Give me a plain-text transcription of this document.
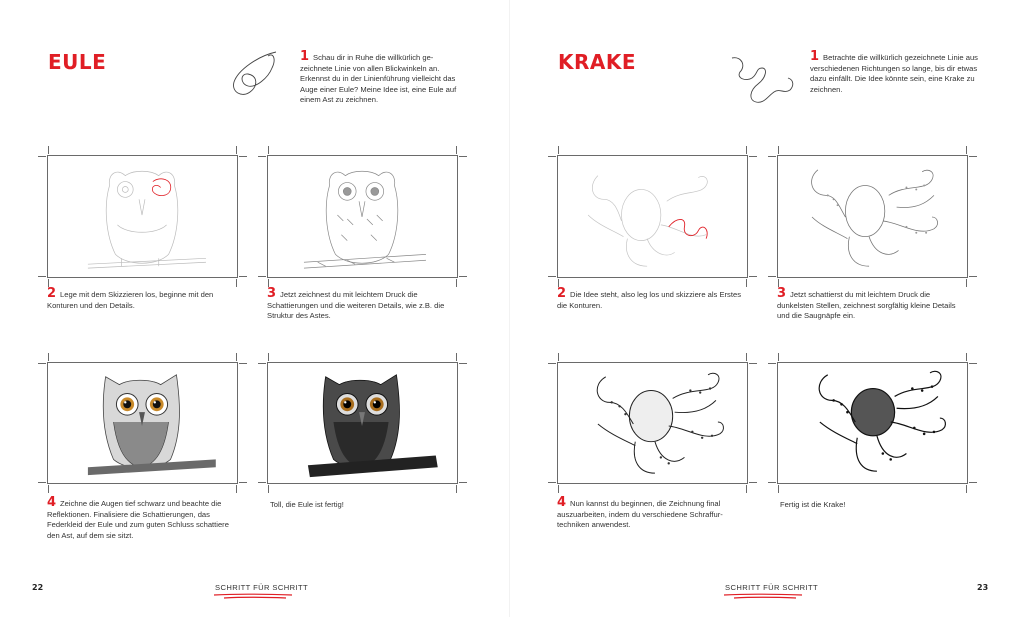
EULE	1 Schau dir in Ruhe die willkürlich ge-zeichnete Linie von allen Blickwinkeln an. Erkennst du in der Linienführung vielleicht das Auge einer Eule? Meine Idee ist, eine Eule auf einem Ast zu zeichnen.
2 Lege mit dem Skizzieren los, beginne mit den Konturen und den Details.
3 Jetzt zeichnest du mit leichtem Druck die Schattierungen und die weiteren Details, wie z.B. die Struktur des Astes.
4 Zeichne die Augen tief schwarz und beachte die Reflektionen. Finalisiere die Schattierungen, das Federkleid der Eule und zum guten Schluss schattiere den Ast, auf dem sie sitzt.
Toll, die Eule ist fertig!
22	SCHRITT FÜR SCHRITT
KRAKE	1 Betrachte die willkürlich gezeichnete Linie aus verschiedenen Richtungen so lange, bis dir etwas dazu einfällt. Die Idee könnte sein, eine Krake zu zeichnen.
2 Die Idee steht, also leg los und skizziere als Erstes die Konturen.
3 Jetzt schattierst du mit leichtem Druck die dunkelsten Stellen, zeichnest sorgfältig kleine Details und die Saugnäpfe ein.
4 Nun kannst du beginnen, die Zeichnung final auszuarbeiten, indem du verschiedene Schraffur-techniken anwendest.
Fertig ist die Krake!
SCHRITT FÜR SCHRITT	23
